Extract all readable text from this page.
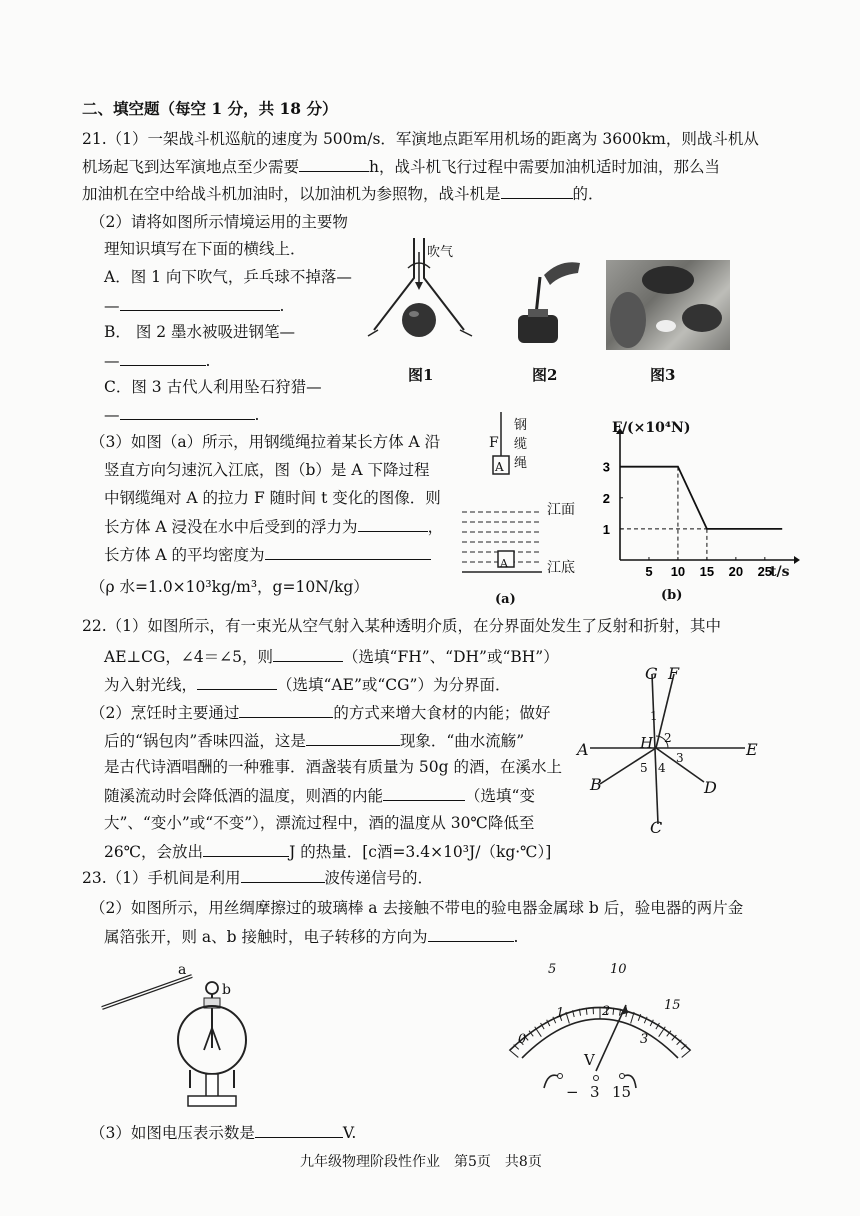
二、填空题（每空 1 分，共 18 分）
21.（1）一架战斗机巡航的速度为 500m/s．军演地点距军用机场的距离为 3600km，则战斗机从
机场起飞到达军演地点至少需要	h，战斗机飞行过程中需要加油机适时加油，那么当
加油机在空中给战斗机加油时，以加油机为参照物，战斗机是	的．
（2）请将如图所示情境运用的主要物
理知识填写在下面的横线上．
A．图 1 向下吹气，乒乓球不掉落—
—	.
B． 图 2 墨水被吸进钢笔—
—	.
C．图 3 古代人利用坠石狩猎—
—	.
吹气
图1	图2	图3
（3）如图（a）所示，用钢缆绳拉着某长方体 A 沿
竖直方向匀速沉入江底，图（b）是 A 下降过程
中钢缆绳对 A 的拉力 F 随时间 t 变化的图像．则
长方体 A 浸没在水中后受到的浮力为	，
长方体 A 的平均密度为
（ρ 水=1.0×10³kg/m³，g=10N/kg）
F
A
A
钢
缆
绳
江面
江底
(a)
5 10 15 20 25
1
2
3
F/(×10⁴N)
t/s
(b)
22.（1）如图所示，有一束光从空气射入某种透明介质，在分界面处发生了反射和折射，其中
AE⊥CG，∠4＝∠5，则	（选填“FH”、“DH”或“BH”）
为入射光线，	（选填“AE”或“CG”）为分界面．
（2）烹饪时主要通过	的方式来增大食材的内能；做好
后的“锅包肉”香味四溢，这是	现象．“曲水流觞”
是古代诗酒唱酬的一种雅事．酒盏装有质量为 50g 的酒，在溪水上
随溪流动时会降低酒的温度，则酒的内能	（选填“变
大”、“变小”或“不变”），漂流过程中，酒的温度从 30℃降低至
26℃，会放出	J 的热量．[c酒=3.4×10³J/（kg·℃）]
G F
A	E
B	D
C
H
1
2
3
4
5
23.（1）手机间是利用	波传递信号的．
（2）如图所示，用丝绸摩擦过的玻璃棒 a 去接触不带电的验电器金属球 b 后，验电器的两片金
属箔张开，则 a、b 接触时，电子转移的方向为	.
a
b
5	10
15
0
1	2
3
V
− 3 15
（3）如图电压表示数是	V.
九年级物理阶段性作业　第5页　共8页
